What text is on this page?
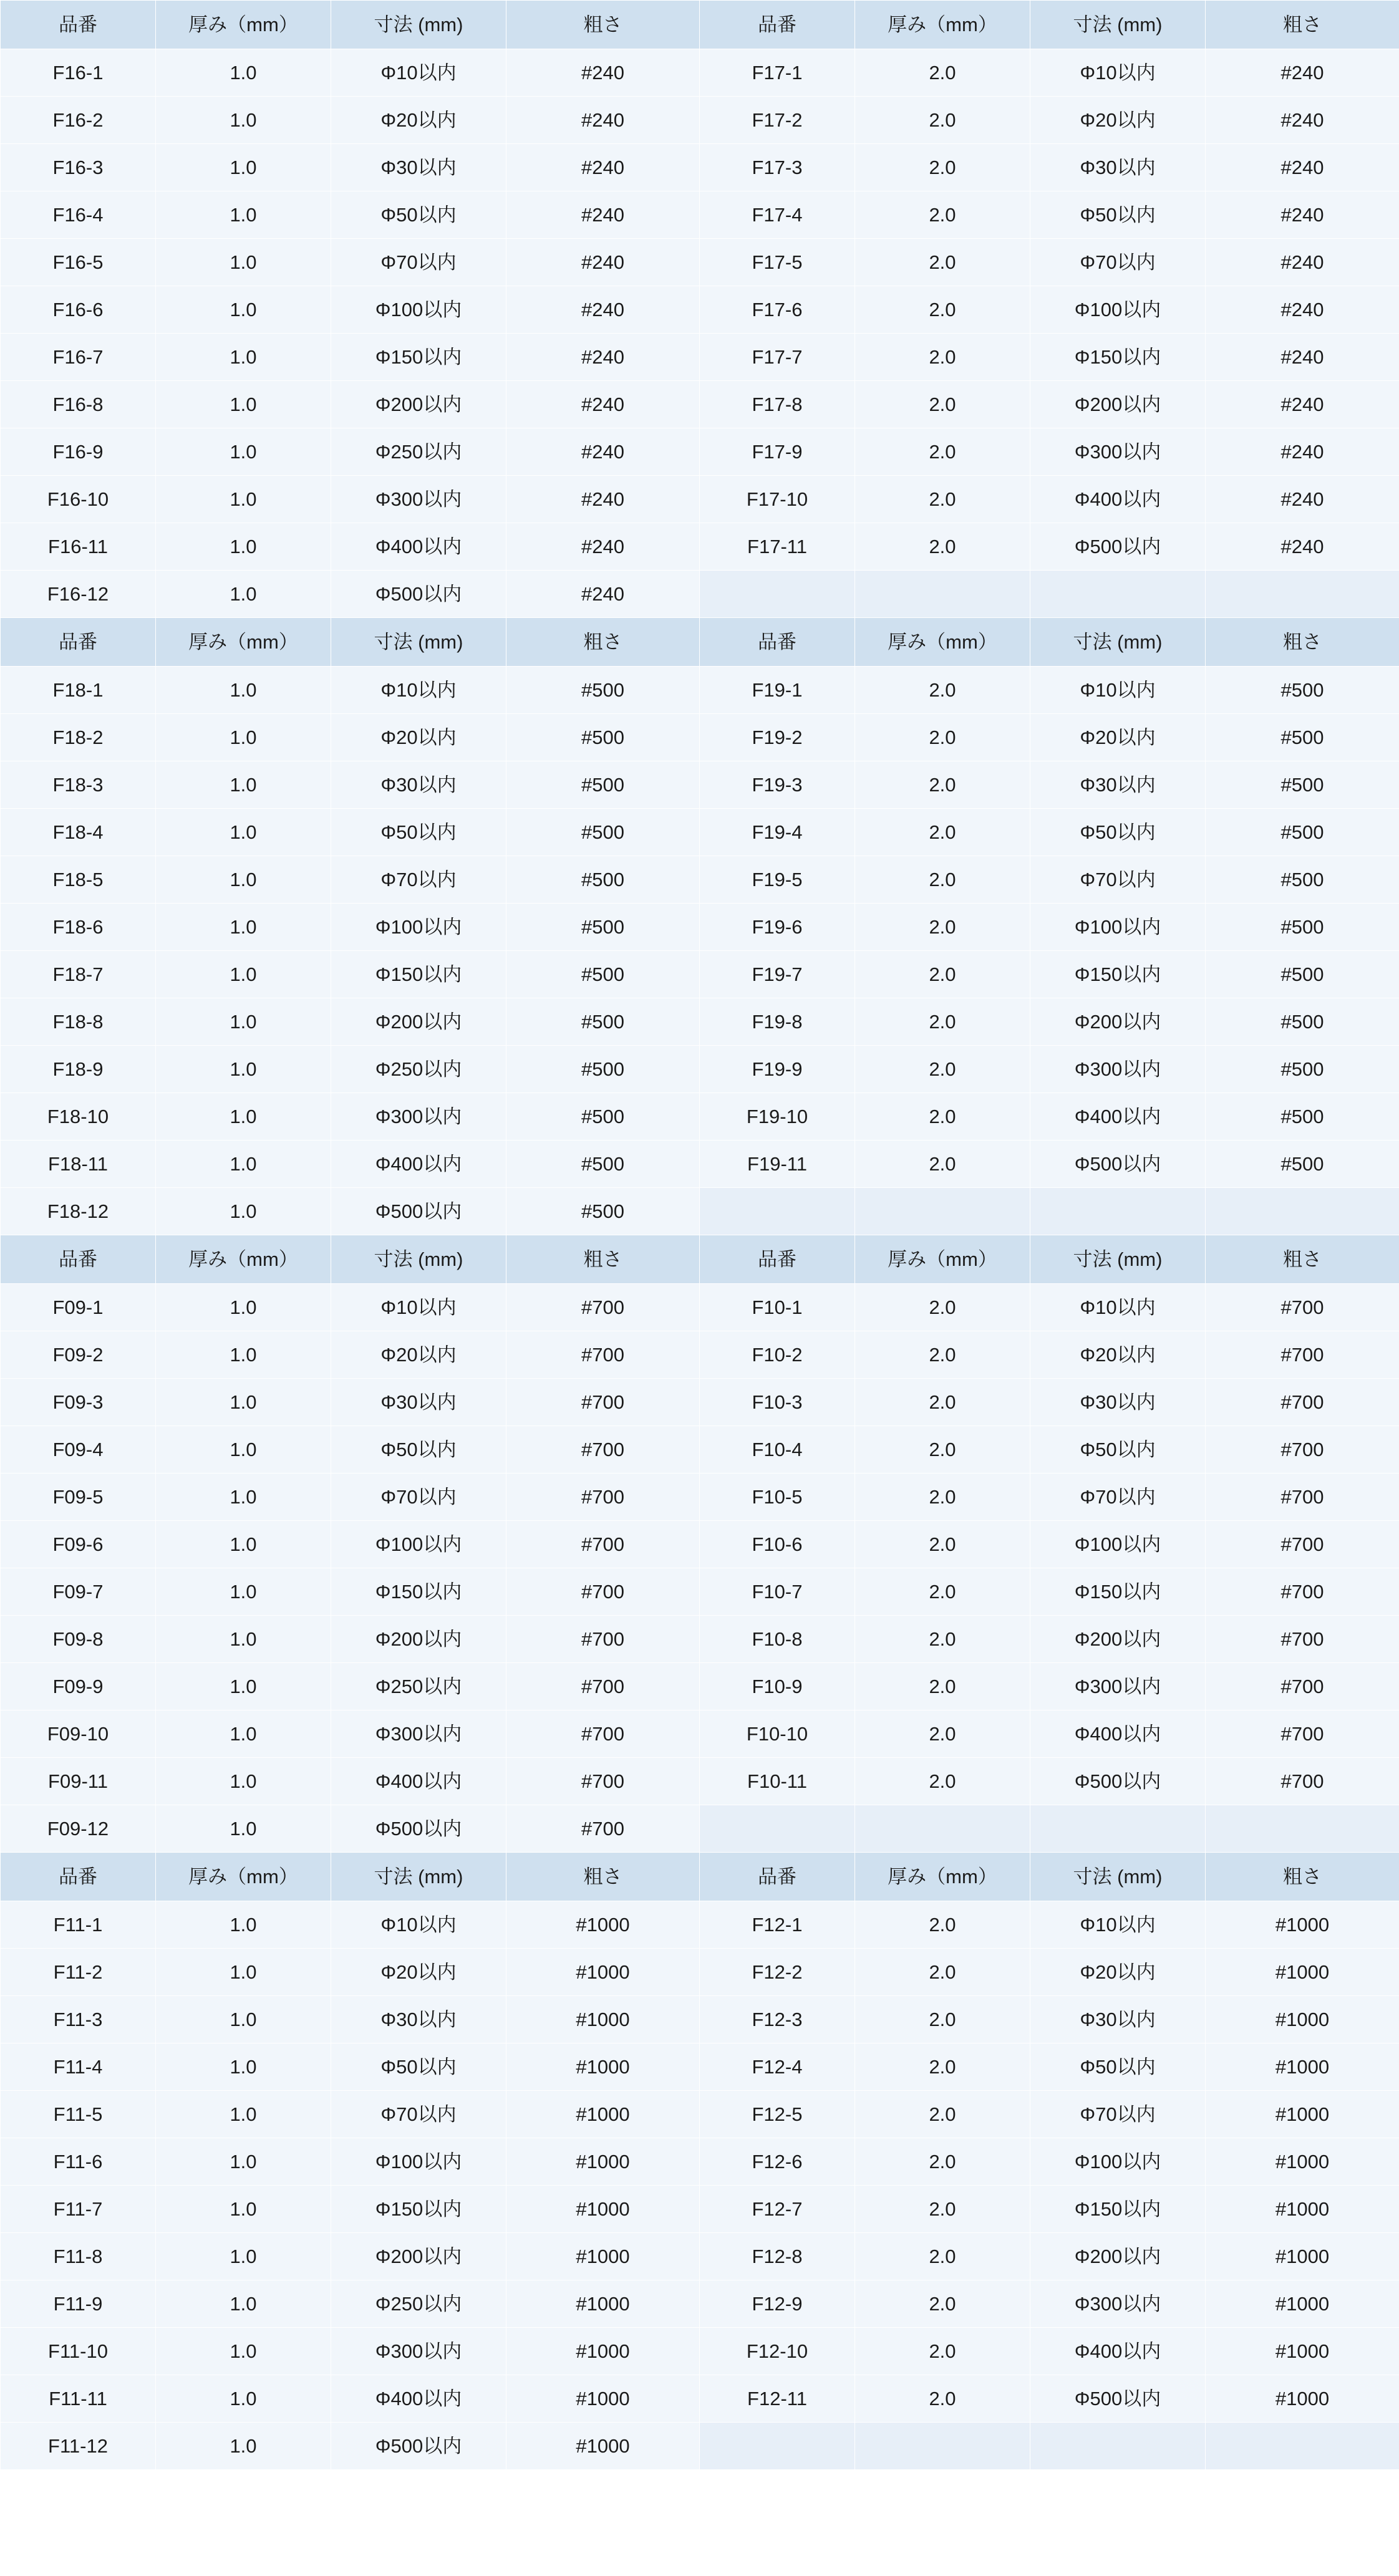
品番	厚み（mm）	寸法 (mm)	粗さ	品番	厚み（mm）	寸法 (mm)	粗さ
F16-1	1.0	Φ10以内	#240	F17-1	2.0	Φ10以内	#240
F16-2	1.0	Φ20以内	#240	F17-2	2.0	Φ20以内	#240
F16-3	1.0	Φ30以内	#240	F17-3	2.0	Φ30以内	#240
F16-4	1.0	Φ50以内	#240	F17-4	2.0	Φ50以内	#240
F16-5	1.0	Φ70以内	#240	F17-5	2.0	Φ70以内	#240
F16-6	1.0	Φ100以内	#240	F17-6	2.0	Φ100以内	#240
F16-7	1.0	Φ150以内	#240	F17-7	2.0	Φ150以内	#240
F16-8	1.0	Φ200以内	#240	F17-8	2.0	Φ200以内	#240
F16-9	1.0	Φ250以内	#240	F17-9	2.0	Φ300以内	#240
F16-10	1.0	Φ300以内	#240	F17-10	2.0	Φ400以内	#240
F16-11	1.0	Φ400以内	#240	F17-11	2.0	Φ500以内	#240
F16-12	1.0	Φ500以内	#240				
品番	厚み（mm）	寸法 (mm)	粗さ	品番	厚み（mm）	寸法 (mm)	粗さ
F18-1	1.0	Φ10以内	#500	F19-1	2.0	Φ10以内	#500
F18-2	1.0	Φ20以内	#500	F19-2	2.0	Φ20以内	#500
F18-3	1.0	Φ30以内	#500	F19-3	2.0	Φ30以内	#500
F18-4	1.0	Φ50以内	#500	F19-4	2.0	Φ50以内	#500
F18-5	1.0	Φ70以内	#500	F19-5	2.0	Φ70以内	#500
F18-6	1.0	Φ100以内	#500	F19-6	2.0	Φ100以内	#500
F18-7	1.0	Φ150以内	#500	F19-7	2.0	Φ150以内	#500
F18-8	1.0	Φ200以内	#500	F19-8	2.0	Φ200以内	#500
F18-9	1.0	Φ250以内	#500	F19-9	2.0	Φ300以内	#500
F18-10	1.0	Φ300以内	#500	F19-10	2.0	Φ400以内	#500
F18-11	1.0	Φ400以内	#500	F19-11	2.0	Φ500以内	#500
F18-12	1.0	Φ500以内	#500				
品番	厚み（mm）	寸法 (mm)	粗さ	品番	厚み（mm）	寸法 (mm)	粗さ
F09-1	1.0	Φ10以内	#700	F10-1	2.0	Φ10以内	#700
F09-2	1.0	Φ20以内	#700	F10-2	2.0	Φ20以内	#700
F09-3	1.0	Φ30以内	#700	F10-3	2.0	Φ30以内	#700
F09-4	1.0	Φ50以内	#700	F10-4	2.0	Φ50以内	#700
F09-5	1.0	Φ70以内	#700	F10-5	2.0	Φ70以内	#700
F09-6	1.0	Φ100以内	#700	F10-6	2.0	Φ100以内	#700
F09-7	1.0	Φ150以内	#700	F10-7	2.0	Φ150以内	#700
F09-8	1.0	Φ200以内	#700	F10-8	2.0	Φ200以内	#700
F09-9	1.0	Φ250以内	#700	F10-9	2.0	Φ300以内	#700
F09-10	1.0	Φ300以内	#700	F10-10	2.0	Φ400以内	#700
F09-11	1.0	Φ400以内	#700	F10-11	2.0	Φ500以内	#700
F09-12	1.0	Φ500以内	#700				
品番	厚み（mm）	寸法 (mm)	粗さ	品番	厚み（mm）	寸法 (mm)	粗さ
F11-1	1.0	Φ10以内	#1000	F12-1	2.0	Φ10以内	#1000
F11-2	1.0	Φ20以内	#1000	F12-2	2.0	Φ20以内	#1000
F11-3	1.0	Φ30以内	#1000	F12-3	2.0	Φ30以内	#1000
F11-4	1.0	Φ50以内	#1000	F12-4	2.0	Φ50以内	#1000
F11-5	1.0	Φ70以内	#1000	F12-5	2.0	Φ70以内	#1000
F11-6	1.0	Φ100以内	#1000	F12-6	2.0	Φ100以内	#1000
F11-7	1.0	Φ150以内	#1000	F12-7	2.0	Φ150以内	#1000
F11-8	1.0	Φ200以内	#1000	F12-8	2.0	Φ200以内	#1000
F11-9	1.0	Φ250以内	#1000	F12-9	2.0	Φ300以内	#1000
F11-10	1.0	Φ300以内	#1000	F12-10	2.0	Φ400以内	#1000
F11-11	1.0	Φ400以内	#1000	F12-11	2.0	Φ500以内	#1000
F11-12	1.0	Φ500以内	#1000				
